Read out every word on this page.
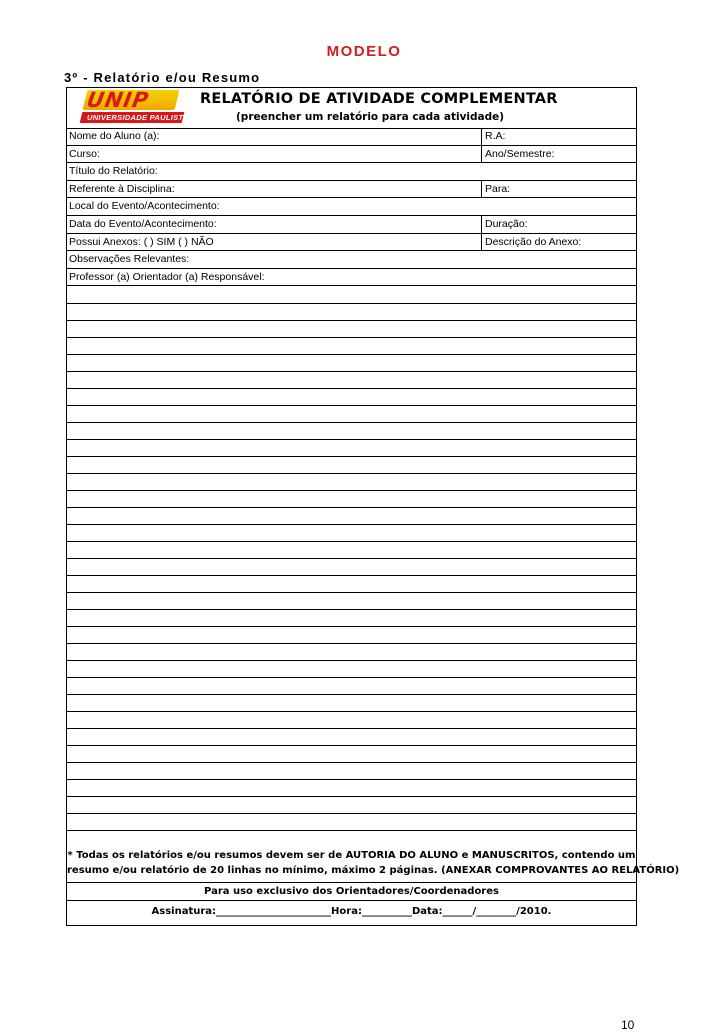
MODELO
3º - Relatório e/ou Resumo
UNIP
UNIVERSIDADE PAULISTA
RELATÓRIO DE ATIVIDADE COMPLEMENTAR
(preencher um relatório para cada atividade)
Nome do Aluno (a):	R.A:
Curso:	Ano/Semestre:
Título do Relatório:
Referente à Disciplina:	Para:
Local do Evento/Acontecimento:
Data do Evento/Acontecimento:	Duração:
Possui Anexos: ( ) SIM ( ) NÃO	Descrição do Anexo:
Observações Relevantes:
Professor (a) Orientador (a) Responsável:
* Todas os relatórios e/ou resumos devem ser de AUTORIA DO ALUNO e MANUSCRITOS, contendo um
resumo e/ou relatório de 20 linhas no mínimo, máximo 2 páginas. (ANEXAR COMPROVANTES AO RELATÓRIO)
Para uso exclusivo dos Orientadores/Coordenadores
Assinatura:_______________________Hora:__________Data:______/________/2010.
10
